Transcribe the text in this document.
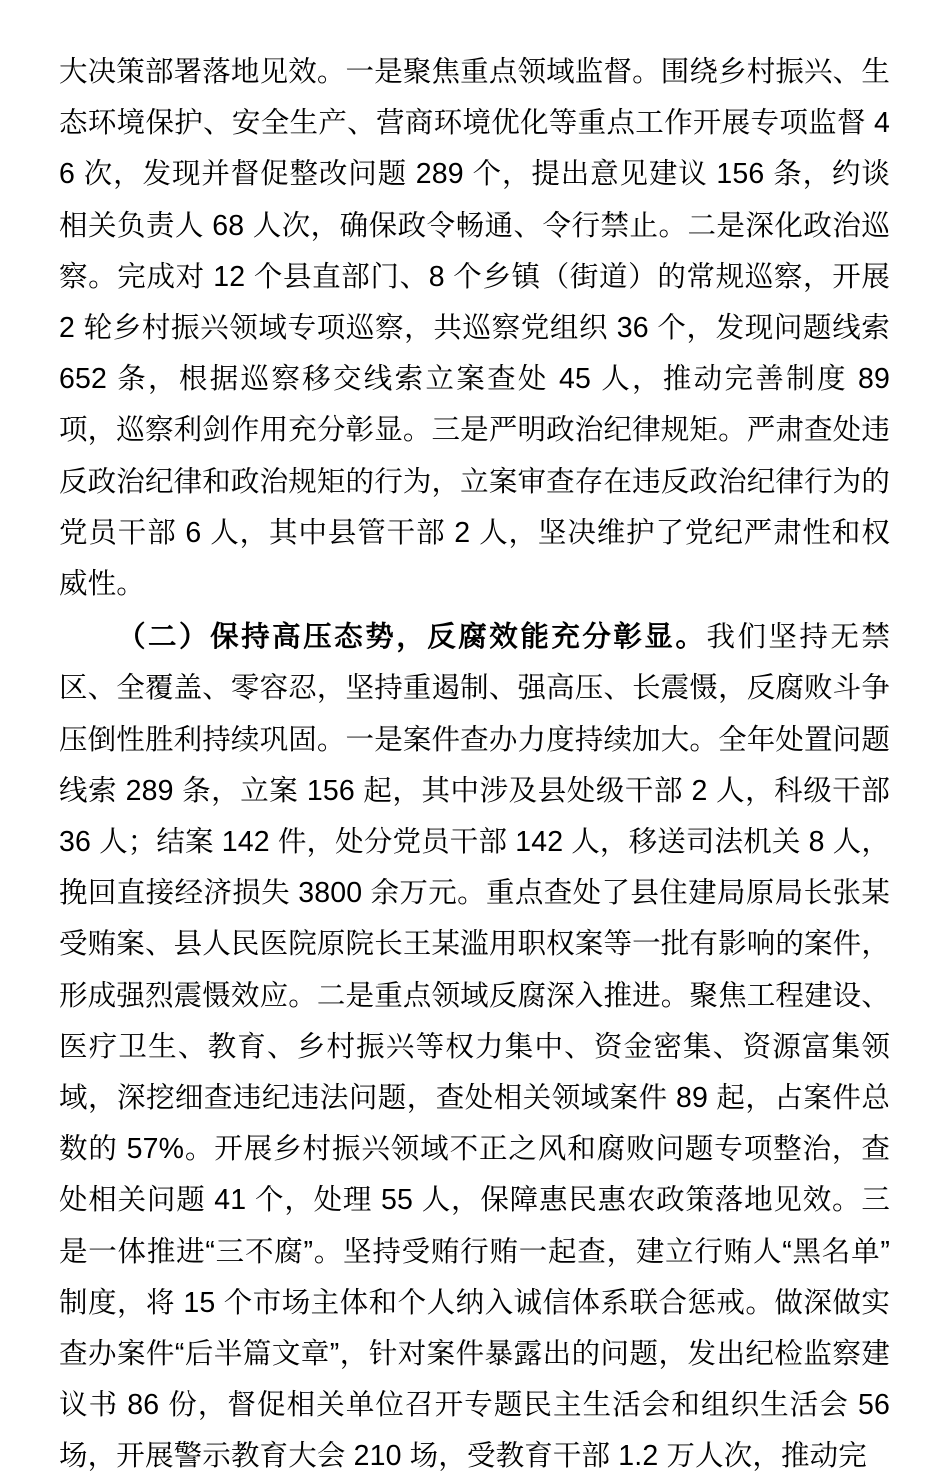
大决策部署落地见效。一是聚焦重点领域监督。围绕乡村振兴、生态环境保护、安全生产、营商环境优化等重点工作开展专项监督 46 次，发现并督促整改问题 289 个，提出意见建议 156 条，约谈相关负责人 68 人次，确保政令畅通、令行禁止。二是深化政治巡察。完成对 12 个县直部门、8 个乡镇（街道）的常规巡察，开展 2 轮乡村振兴领域专项巡察，共巡察党组织 36 个，发现问题线索 652 条，根据巡察移交线索立案查处 45 人，推动完善制度 89 项，巡察利剑作用充分彰显。三是严明政治纪律规矩。严肃查处违反政治纪律和政治规矩的行为，立案审查存在违反政治纪律行为的党员干部 6 人，其中县管干部 2 人，坚决维护了党纪严肃性和权威性。

（二）保持高压态势，反腐效能充分彰显。我们坚持无禁区、全覆盖、零容忍，坚持重遏制、强高压、长震慑，反腐败斗争压倒性胜利持续巩固。一是案件查办力度持续加大。全年处置问题线索 289 条，立案 156 起，其中涉及县处级干部 2 人，科级干部 36 人；结案 142 件，处分党员干部 142 人，移送司法机关 8 人，挽回直接经济损失 3800 余万元。重点查处了县住建局原局长张某受贿案、县人民医院原院长王某滥用职权案等一批有影响的案件，形成强烈震慑效应。二是重点领域反腐深入推进。聚焦工程建设、医疗卫生、教育、乡村振兴等权力集中、资金密集、资源富集领域，深挖细查违纪违法问题，查处相关领域案件 89 起，占案件总数的 57%。开展乡村振兴领域不正之风和腐败问题专项整治，查处相关问题 41 个，处理 55 人，保障惠民惠农政策落地见效。三是一体推进“三不腐”。坚持受贿行贿一起查，建立行贿人“黑名单”制度，将 15 个市场主体和个人纳入诚信体系联合惩戒。做深做实查办案件“后半篇文章”，针对案件暴露出的问题，发出纪检监察建议书 86 份，督促相关单位召开专题民主生活会和组织生活会 56 场，开展警示教育大会 210 场，受教育干部 1.2 万人次，推动完
